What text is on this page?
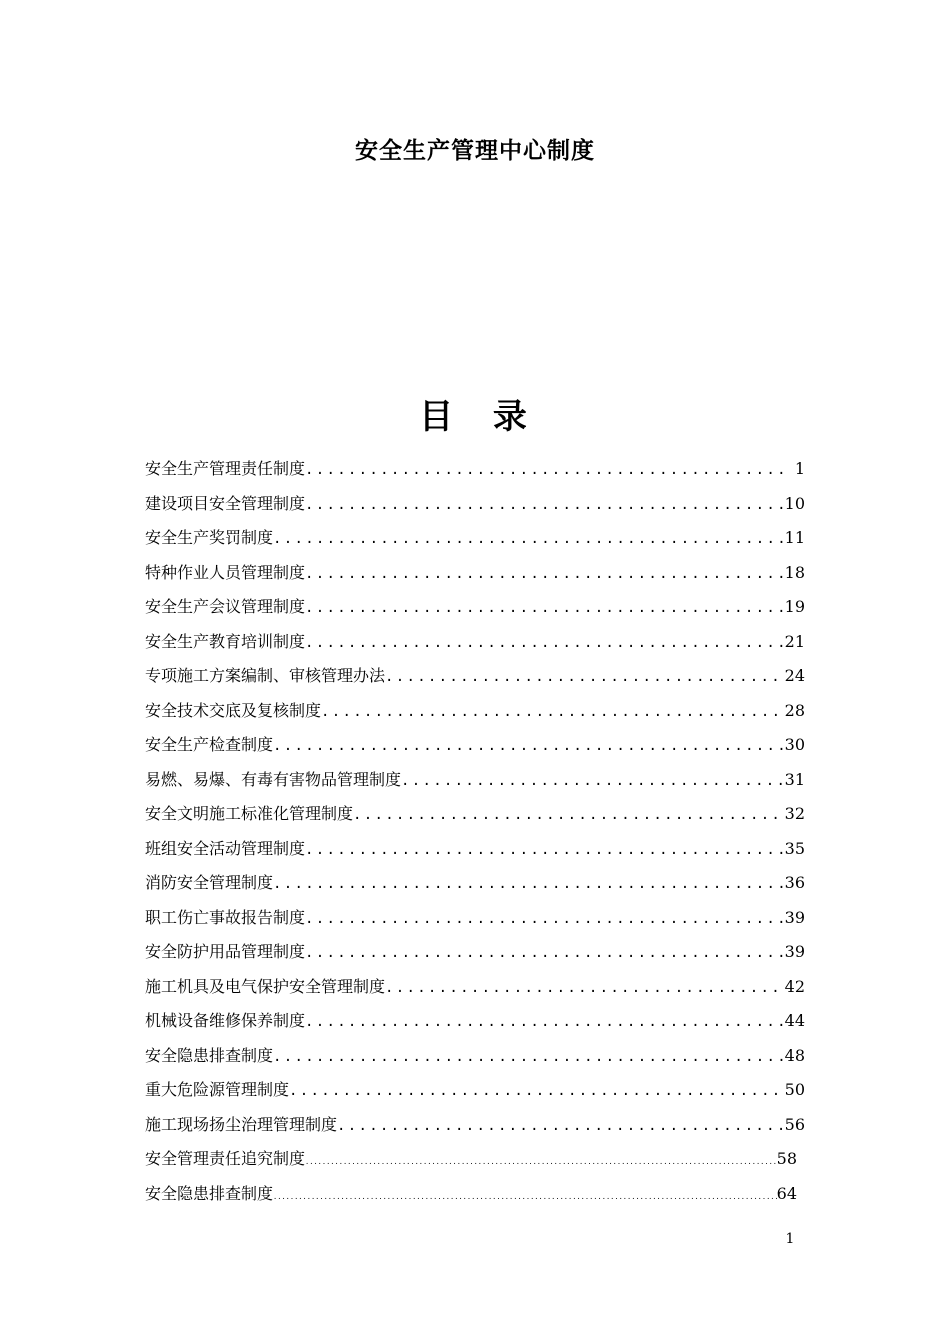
安全生产管理中心制度
目 录
安全生产管理责任制度 .....	1
建设项目安全管理制度 .....	10
安全生产奖罚制度 .....	11
特种作业人员管理制度 .....	18
安全生产会议管理制度 .....	19
安全生产教育培训制度 .....	21
专项施工方案编制、审核管理办法 .....	24
安全技术交底及复核制度 .....	28
安全生产检查制度 .....	30
易燃、易爆、有毒有害物品管理制度 .....	31
安全文明施工标准化管理制度 .....	32
班组安全活动管理制度 .....	35
消防安全管理制度 .....	36
职工伤亡事故报告制度 .....	39
安全防护用品管理制度 .....	39
施工机具及电气保护安全管理制度 .....	42
机械设备维修保养制度 .....	44
安全隐患排查制度 .....	48
重大危险源管理制度 .....	50
施工现场扬尘治理管理制度 .....	56
安全管理责任追究制度 .....	58
安全隐患排查制度 .....	64
1
